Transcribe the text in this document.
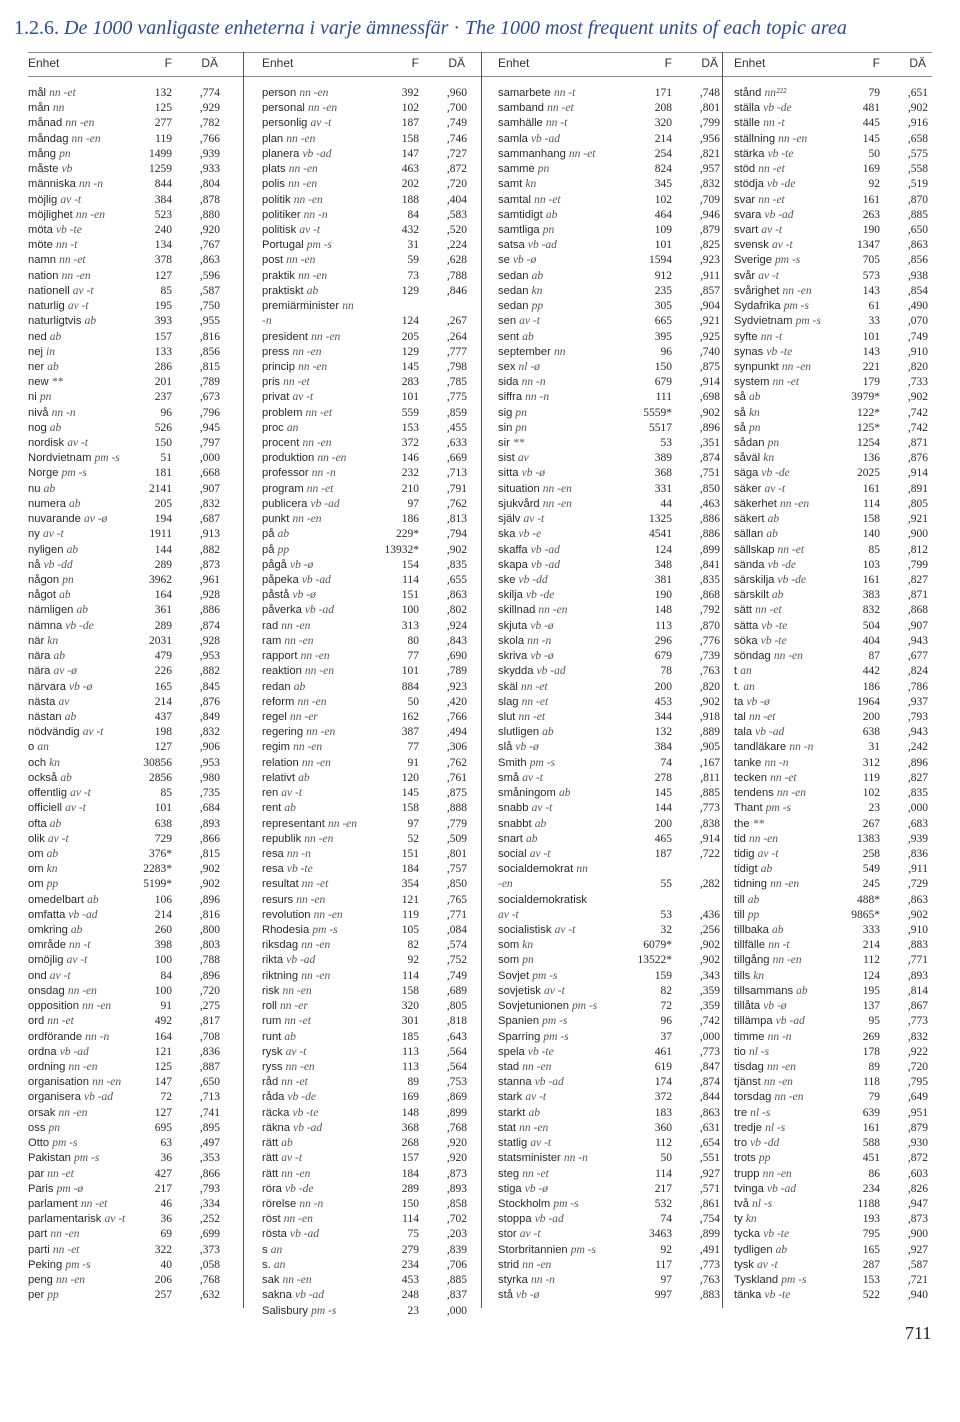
1.2.6. De 1000 vanligaste enheterna i varje ämnessfär · The 1000 most frequent units of each topic area
Enhet	F DÄ
mål nn -et	132 ,774
mån nn	125 ,929
månad nn -en	277 ,782
måndag nn -en	119 ,766
mång pn	1499 ,939
måste vb	1259 ,933
människa nn -n	844 ,804
möjlig av -t	384 ,878
möjlighet nn -en	523 ,880
möta vb -te	240 ,920
möte nn -t	134 ,767
namn nn -et	378 ,863
nation nn -en	127 ,596
nationell av -t	85 ,587
naturlig av -t	195 ,750
naturligtvis ab	393 ,955
ned ab	157 ,816
nej in	133 ,856
ner ab	286 ,815
new **	201 ,789
ni pn	237 ,673
nivå nn -n	96 ,796
nog ab	526 ,945
nordisk av -t	150 ,797
Nordvietnam pm -s	51 ,000
Norge pm -s	181 ,668
nu ab	2141 ,907
numera ab	205 ,832
nuvarande av -ø	194 ,687
ny av -t	1911 ,913
nyligen ab	144 ,882
nå vb -dd	289 ,873
någon pn	3962 ,961
något ab	164 ,928
nämligen ab	361 ,886
nämna vb -de	289 ,874
när kn	2031 ,928
nära ab	479 ,953
nära av -ø	226 ,882
närvara vb -ø	165 ,845
nästa av	214 ,876
nästan ab	437 ,849
nödvändig av -t	198 ,832
o an	127 ,906
och kn	30856 ,953
också ab	2856 ,980
offentlig av -t	85 ,735
officiell av -t	101 ,684
ofta ab	638 ,893
olik av -t	729 ,866
om ab	376* ,815
om kn	2283* ,902
om pp	5199* ,902
omedelbart ab	106 ,896
omfatta vb -ad	214 ,816
omkring ab	260 ,800
område nn -t	398 ,803
omöjlig av -t	100 ,788
ond av -t	84 ,896
onsdag nn -en	100 ,720
opposition nn -en	91 ,275
ord nn -et	492 ,817
ordförande nn -n	164 ,708
ordna vb -ad	121 ,836
ordning nn -en	125 ,887
organisation nn -en	147 ,650
organisera vb -ad	72 ,713
orsak nn -en	127 ,741
oss pn	695 ,895
Otto pm -s	63 ,497
Pakistan pm -s	36 ,353
par nn -et	427 ,866
Paris pm -ø	217 ,793
parlament nn -et	46 ,334
parlamentarisk av -t	36 ,252
part nn -en	69 ,699
parti nn -et	322 ,373
Peking pm -s	40 ,058
peng nn -en	206 ,768
per pp	257 ,632
Enhet	F DÄ
person nn -en	392 ,960
personal nn -en	102 ,700
personlig av -t	187 ,749
plan nn -en	158 ,746
planera vb -ad	147 ,727
plats nn -en	463 ,872
polis nn -en	202 ,720
politik nn -en	188 ,404
politiker nn -n	84 ,583
politisk av -t	432 ,520
Portugal pm -s	31 ,224
post nn -en	59 ,628
praktik nn -en	73 ,788
praktiskt ab	129 ,846
premiärminister nn
-n	124 ,267
president nn -en	205 ,264
press nn -en	129 ,777
princip nn -en	145 ,798
pris nn -et	283 ,785
privat av -t	101 ,775
problem nn -et	559 ,859
proc an	153 ,455
procent nn -en	372 ,633
produktion nn -en	146 ,669
professor nn -n	232 ,713
program nn -et	210 ,791
publicera vb -ad	97 ,762
punkt nn -en	186 ,813
på ab	229* ,794
på pp	13932* ,902
pågå vb -ø	154 ,835
påpeka vb -ad	114 ,655
påstå vb -ø	151 ,863
påverka vb -ad	100 ,802
rad nn -en	313 ,924
ram nn -en	80 ,843
rapport nn -en	77 ,690
reaktion nn -en	101 ,789
redan ab	884 ,923
reform nn -en	50 ,420
regel nn -er	162 ,766
regering nn -en	387 ,494
regim nn -en	77 ,306
relation nn -en	91 ,762
relativt ab	120 ,761
ren av -t	145 ,875
rent ab	158 ,888
representant nn -en	97 ,779
republik nn -en	52 ,509
resa nn -n	151 ,801
resa vb -te	184 ,757
resultat nn -et	354 ,850
resurs nn -en	121 ,765
revolution nn -en	119 ,771
Rhodesia pm -s	105 ,084
riksdag nn -en	82 ,574
rikta vb -ad	92 ,752
riktning nn -en	114 ,749
risk nn -en	158 ,689
roll nn -er	320 ,805
rum nn -et	301 ,818
runt ab	185 ,643
rysk av -t	113 ,564
ryss nn -en	113 ,564
råd nn -et	89 ,753
råda vb -de	169 ,869
räcka vb -te	148 ,899
räkna vb -ad	368 ,768
rätt ab	268 ,920
rätt av -t	157 ,920
rätt nn -en	184 ,873
röra vb -de	289 ,893
rörelse nn -n	150 ,858
röst nn -en	114 ,702
rösta vb -ad	75 ,203
s an	279 ,839
s. an	234 ,706
sak nn -en	453 ,885
sakna vb -ad	248 ,837
Salisbury pm -s	23 ,000
Enhet	F DÄ
samarbete nn -t	171 ,748
samband nn -et	208 ,801
samhälle nn -t	320 ,799
samla vb -ad	214 ,956
sammanhang nn -et	254 ,821
samme pn	824 ,957
samt kn	345 ,832
samtal nn -et	102 ,709
samtidigt ab	464 ,946
samtliga pn	109 ,879
satsa vb -ad	101 ,825
se vb -ø	1594 ,923
sedan ab	912 ,911
sedan kn	235 ,857
sedan pp	305 ,904
sen av -t	665 ,921
sent ab	395 ,925
september nn	96 ,740
sex nl -ø	150 ,875
sida nn -n	679 ,914
siffra nn -n	111 ,698
sig pn	5559* ,902
sin pn	5517 ,896
sir **	53 ,351
sist av	389 ,874
sitta vb -ø	368 ,751
situation nn -en	331 ,850
sjukvård nn -en	44 ,463
själv av -t	1325 ,886
ska vb -e	4541 ,886
skaffa vb -ad	124 ,899
skapa vb -ad	348 ,841
ske vb -dd	381 ,835
skilja vb -de	190 ,868
skillnad nn -en	148 ,792
skjuta vb -ø	113 ,870
skola nn -n	296 ,776
skriva vb -ø	679 ,739
skydda vb -ad	78 ,763
skäl nn -et	200 ,820
slag nn -et	453 ,902
slut nn -et	344 ,918
slutligen ab	132 ,889
slå vb -ø	384 ,905
Smith pm -s	74 ,167
små av -t	278 ,811
småningom ab	145 ,885
snabb av -t	144 ,773
snabbt ab	200 ,838
snart ab	465 ,914
social av -t	187 ,722
socialdemokrat nn
-en	55 ,282
socialdemokratisk
av -t	53 ,436
socialistisk av -t	32 ,256
som kn	6079* ,902
som pn	13522* ,902
Sovjet pm -s	159 ,343
sovjetisk av -t	82 ,359
Sovjetunionen pm -s	72 ,359
Spanien pm -s	96 ,742
Sparring pm -s	37 ,000
spela vb -te	461 ,773
stad nn -en	619 ,847
stanna vb -ad	174 ,874
stark av -t	372 ,844
starkt ab	183 ,863
stat nn -en	360 ,631
statlig av -t	112 ,654
statsminister nn -n	50 ,551
steg nn -et	114 ,927
stiga vb -ø	217 ,571
Stockholm pm -s	532 ,861
stoppa vb -ad	74 ,754
stor av -t	3463 ,899
Storbritannien pm -s	92 ,491
strid nn -en	117 ,773
styrka nn -n	97 ,763
stå vb -ø	997 ,883
Enhet	F DÄ
stånd nn²²²	79 ,651
ställa vb -de	481 ,902
ställe nn -t	445 ,916
ställning nn -en	145 ,658
stärka vb -te	50 ,575
stöd nn -et	169 ,558
stödja vb -de	92 ,519
svar nn -et	161 ,870
svara vb -ad	263 ,885
svart av -t	190 ,650
svensk av -t	1347 ,863
Sverige pm -s	705 ,856
svår av -t	573 ,938
svårighet nn -en	143 ,854
Sydafrika pm -s	61 ,490
Sydvietnam pm -s	33 ,070
syfte nn -t	101 ,749
synas vb -te	143 ,910
synpunkt nn -en	221 ,820
system nn -et	179 ,733
så ab	3979* ,902
så kn	122* ,742
så pn	125* ,742
sådan pn	1254 ,871
såväl kn	136 ,876
säga vb -de	2025 ,914
säker av -t	161 ,891
säkerhet nn -en	114 ,805
säkert ab	158 ,921
sällan ab	140 ,900
sällskap nn -et	85 ,812
sända vb -de	103 ,799
särskilja vb -de	161 ,827
särskilt ab	383 ,871
sätt nn -et	832 ,868
sätta vb -te	504 ,907
söka vb -te	404 ,943
söndag nn -en	87 ,677
t an	442 ,824
t. an	186 ,786
ta vb -ø	1964 ,937
tal nn -et	200 ,793
tala vb -ad	638 ,943
tandläkare nn -n	31 ,242
tanke nn -n	312 ,896
tecken nn -et	119 ,827
tendens nn -en	102 ,835
Thant pm -s	23 ,000
the **	267 ,683
tid nn -en	1383 ,939
tidig av -t	258 ,836
tidigt ab	549 ,911
tidning nn -en	245 ,729
till ab	488* ,863
till pp	9865* ,902
tillbaka ab	333 ,910
tillfälle nn -t	214 ,883
tillgång nn -en	112 ,771
tills kn	124 ,893
tillsammans ab	195 ,814
tillåta vb -ø	137 ,867
tillämpa vb -ad	95 ,773
timme nn -n	269 ,832
tio nl -s	178 ,922
tisdag nn -en	89 ,720
tjänst nn -en	118 ,795
torsdag nn -en	79 ,649
tre nl -s	639 ,951
tredje nl -s	161 ,879
tro vb -dd	588 ,930
trots pp	451 ,872
trupp nn -en	86 ,603
tvinga vb -ad	234 ,826
två nl -s	1188 ,947
ty kn	193 ,873
tycka vb -te	795 ,900
tydligen ab	165 ,927
tysk av -t	287 ,587
Tyskland pm -s	153 ,721
tänka vb -te	522 ,940
711
